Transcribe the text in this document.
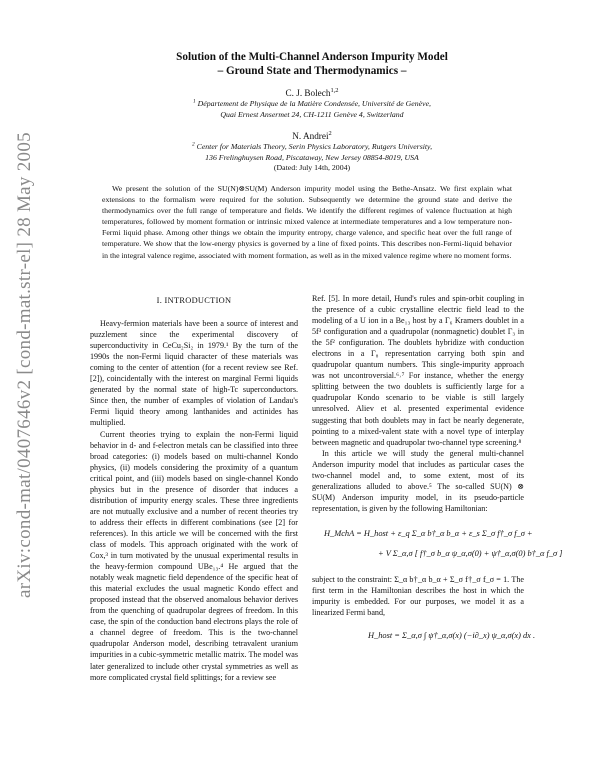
arXiv:cond-mat/0407646v2 [cond-mat.str-el] 28 May 2005
Solution of the Multi-Channel Anderson Impurity Model
– Ground State and Thermodynamics –
C. J. Bolech$^{1,2}$
$^1$ Département de Physique de la Matière Condensée, Université de Genève,
Quai Ernest Ansermet 24, CH-1211 Genève 4, Switzerland
N. Andrei$^2$
$^2$ Center for Materials Theory, Serin Physics Laboratory, Rutgers University,
136 Frelinghuysen Road, Piscataway, New Jersey 08854-8019, USA
(Dated: July 14th, 2004)
We present the solution of the SU(N)⊗SU(M) Anderson impurity model using the Bethe-Ansatz. We first explain what extensions to the formalism were required for the solution. Subsequently we determine the ground state and derive the thermodynamics over the full range of temperature and fields. We identify the different regimes of valence fluctuation at high temperatures, followed by moment formation or intrinsic mixed valence at intermediate temperatures and a low temperature non-Fermi liquid phase. Among other things we obtain the impurity entropy, charge valence, and specific heat over the full range of temperature. We show that the low-energy physics is governed by a line of fixed points. This describes non-Fermi-liquid behavior in the integral valence regime, associated with moment formation, as well as in the mixed valence regime where no moment forms.
I. INTRODUCTION

Heavy-fermion materials have been a source of interest and puzzlement since the experimental discovery of superconductivity in CeCu₂Si₂ in 1979.¹ By the turn of the 1990s the non-Fermi liquid character of these materials was coming to the center of attention (for a recent review see Ref. [2]), coincidentally with the interest on marginal Fermi liquids generated by the normal state of high-Tc superconductors. Since then, the number of examples of violation of Landau's Fermi liquid theory among lanthanides and actinides has multiplied.

Current theories trying to explain the non-Fermi liquid behavior in d- and f-electron metals can be classified into three broad categories: (i) models based on multi-channel Kondo physics, (ii) models considering the proximity of a quantum critical point, and (iii) models based on single-channel Kondo physics but in the presence of disorder that induces a distribution of impurity energy scales. These three ingredients are not mutually exclusive and a number of recent theories try to address their effects in different combinations (see [2] for references). In this article we will be concerned with the first class of models. This approach originated with the work of Cox,³ in turn motivated by the unusual experimental results in the heavy-fermion compound UBe₁₃.⁴ He argued that the notably weak magnetic field dependence of the specific heat of this material excludes the usual magnetic Kondo effect and proposed instead that the observed anomalous behavior derives from the quenching of quadrupolar degrees of freedom. In this case, the spin of the conduction band electrons plays the role of a channel degree of freedom. This is the two-channel quadrupolar Anderson model, describing tetravalent uranium impurities in a cubic-symmetric metallic matrix. The model was later generalized to include other crystal symmetries as well as more complicated crystal field splittings; for a review see

Ref. [5]. In more detail, Hund's rules and spin-orbit coupling in the presence of a cubic crystalline electric field lead to the modeling of a U ion in a Be₁₃ host by a Γ₆ Kramers doublet in a 5f³ configuration and a quadrupolar (nonmagnetic) doublet Γ₃ in the 5f² configuration. The doublets hybridize with conduction electrons in a Γ₈ representation carrying both spin and quadrupolar quantum numbers. This single-impurity approach was not uncontroversial.⁶˒⁷ For instance, whether the energy splitting between the two doublets is sufficiently large for a quadrupolar Kondo scenario to be viable is still largely unresolved. Aliev et al. presented experimental evidence suggesting that both doublets may in fact be nearly degenerate, pointing to a mixed-valent state with a novel type of interplay between magnetic and quadrupolar two-channel type screening.⁸

In this article we will study the general multi-channel Anderson impurity model that includes as particular cases the two-channel model and, to some extent, most of its generalizations alluded to above.⁵ The so-called SU(N) ⊗ SU(M) Anderson impurity model, in its pseudo-particle representation, is given by the following Hamiltonian:

H_MchA = H_host + ε_q Σ_α b†_α b_α + ε_s Σ_σ f†_σ f_σ +
+ V Σ_α,σ [ f†_σ b_α ψ_α,σ(0) + ψ†_α,σ(0) b†_α f_σ ]

subject to the constraint: Σ_α b†_α b_α + Σ_σ f†_σ f_σ = 1. The first term in the Hamiltonian describes the host in which the impurity is embedded. For our purposes, we model it as a linearized Fermi band,

H_host = Σ_α,σ ∫ ψ†_α,σ(x) (−i∂_x) ψ_α,σ(x) dx .
